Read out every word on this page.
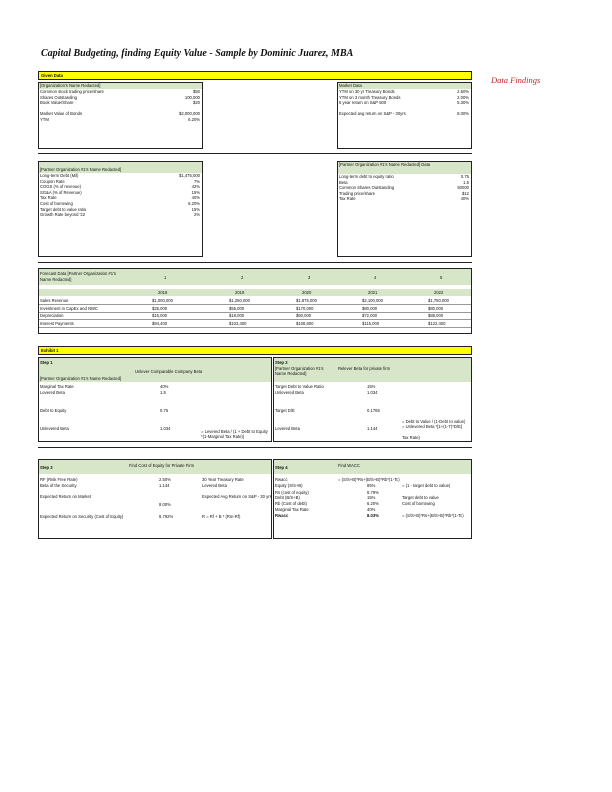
Capital Budgeting, finding Equity Value - Sample by Dominic Juarez, MBA
Data Findings
Given Data
[Organization's Name Redacted]
Common stock trading price/share	$50
Shares Outstanding	100,000
Book Value/Share	$20
Market Value of Bonds	$2,000,000
YTM	6.20%
Market Data
YTM on 30 yr Treasury Bonds	2.50%
YTM on 3 month Treasury Bonds	2.00%
5 year return on S&P 500	5.30%
Expected avg return on S&P - 30yrs	8.00%
[Partner Organization #1's Name Redacted]
Long-term Debt (Mil)	$1,475,000
Coupon Rate	7%
COGS (% of revenue)	42%
SG&A (% of Revenue)	15%
Tax Rate	40%
Cost of borrowing	6.20%
Target debt to value ratio	15%
Growth Rate beyond '22	2%
[Partner Organization #1's Name Redacted] Data
Long-term debt to equity ratio	0.75
Beta	1.5
Common Shares Outstanding	50000
Trading price/share	$12
Tax Rate	40%
Forecast Data [Partner Organization #1's Name Redacted]	1	2	3	4	5
2018	2019	2020	2021	2022
Sales Revenue	$1,000,000	$1,250,000	$1,875,000	$2,100,000	$1,750,000
Investment in CapEx and NWC	$25,000	$55,000	$170,000	$80,000	$80,000
Depreciation	$15,000	$18,000	$50,000	$72,000	$88,000
Interest Payments	$94,400	$103,400	$108,600	$115,000	$122,400
Exhibit 1
Step 1
Unlever Comparable Company Beta
[Partner Organization #1's Name Redacted]
Marginal Tax Rate	40%
Levered Beta	1.5
Debt to Equity	0.75
Unlevered Beta	1.034
= Levered Beta / (1 + Debt to Equity
*(1-Marginal Tax Rate))
Step 2
Relever Beta for private firm
[Partner Organization #1's Name Redacted]
Target Debt to Value Ratio	15%
Unlevered Beta	1.034
Target D/E	0.1765
Levered Beta	1.144
= Debt to Value / (1-Debt to value)
= Unlevered Beta *[1+(1-T)*D/E]
Tax Rate)
Step 3	Find Cost of Equity for Private Firm
RF (Risk Free Rate)	2.50%	30 Year Treasury Rate
Beta of the Security	1.144	Levered Beta
Expected Return on Market	Expected Avg Return on S&P - 30 yrs
8.00%
Expected Return on Security (Cost of Equity)	8.792%	R = Rf + B * (Rm-Rf)
Step 4	Find WACC
Rwacc	= (S/S+B)*Rs+(B/S+B)*Rb*(1-Tc)
Equity (S/S+B)	85%	= (1 - target debt to value)
Rs (cost of equity)	8.79%
Debt (B/S+B)	15%	Target debt to value
Rb (Cost of debt)	6.20%	Cost of borrowing
Marginal Tax Rate	40%
Rwacc	8.03%	= (S/S+B)*Rs+(B/S+B)*Rb*(1-Tc)
